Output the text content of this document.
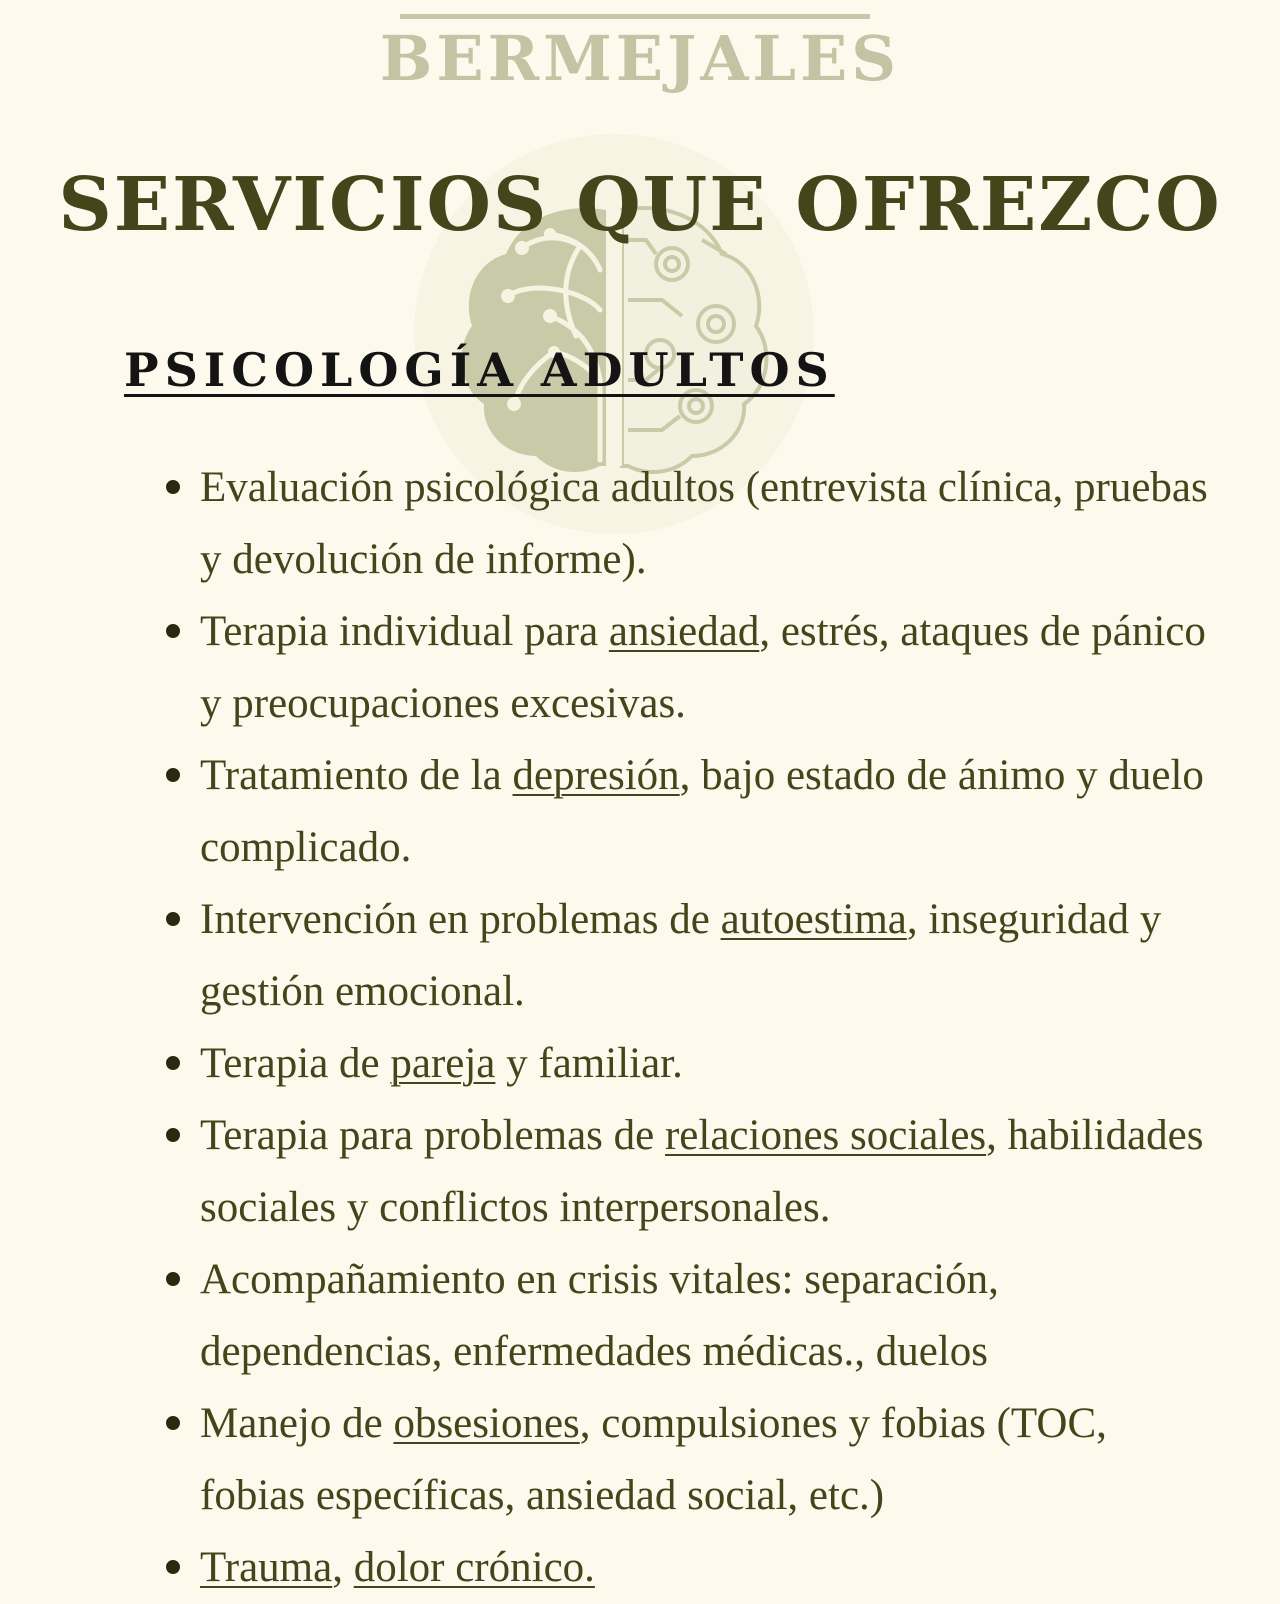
BERMEJALES
SERVICIOS QUE OFREZCO
PSICOLOGÍA ADULTOS
Evaluación psicológica adultos (entrevista clínica, pruebas y devolución de informe).
Terapia individual para ansiedad, estrés, ataques de pánico y preocupaciones excesivas.
Tratamiento de la depresión, bajo estado de ánimo y duelo complicado.
Intervención en problemas de autoestima, inseguridad y gestión emocional.
Terapia de pareja y familiar.
Terapia para problemas de relaciones sociales, habilidades sociales y conflictos interpersonales.
Acompañamiento en crisis vitales: separación, dependencias, enfermedades médicas., duelos
Manejo de obsesiones, compulsiones y fobias (TOC, fobias específicas, ansiedad social, etc.)
Trauma, dolor crónico.
